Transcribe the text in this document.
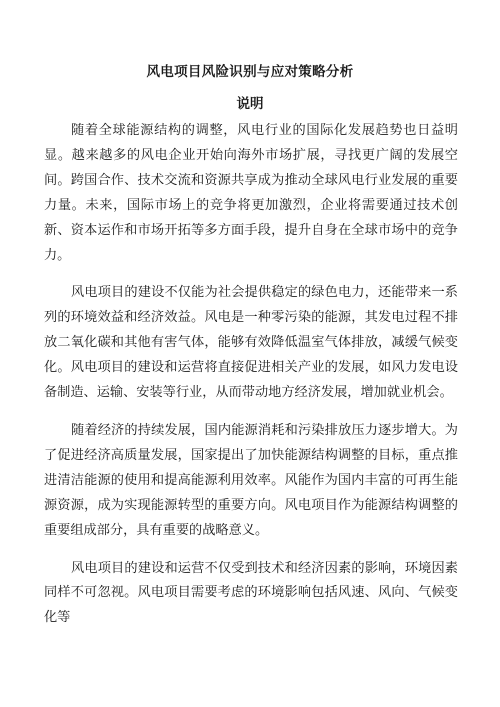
风电项目风险识别与应对策略分析
说明

随着全球能源结构的调整，风电行业的国际化发展趋势也日益明显。越来越多的风电企业开始向海外市场扩展，寻找更广阔的发展空间。跨国合作、技术交流和资源共享成为推动全球风电行业发展的重要力量。未来，国际市场上的竞争将更加激烈，企业将需要通过技术创新、资本运作和市场开拓等多方面手段，提升自身在全球市场中的竞争力。

风电项目的建设不仅能为社会提供稳定的绿色电力，还能带来一系列的环境效益和经济效益。风电是一种零污染的能源，其发电过程不排放二氧化碳和其他有害气体，能够有效降低温室气体排放，减缓气候变化。风电项目的建设和运营将直接促进相关产业的发展，如风力发电设备制造、运输、安装等行业，从而带动地方经济发展，增加就业机会。

随着经济的持续发展，国内能源消耗和污染排放压力逐步增大。为了促进经济高质量发展，国家提出了加快能源结构调整的目标，重点推进清洁能源的使用和提高能源利用效率。风能作为国内丰富的可再生能源资源，成为实现能源转型的重要方向。风电项目作为能源结构调整的重要组成部分，具有重要的战略意义。

风电项目的建设和运营不仅受到技术和经济因素的影响，环境因素同样不可忽视。风电项目需要考虑的环境影响包括风速、风向、气候变化等
